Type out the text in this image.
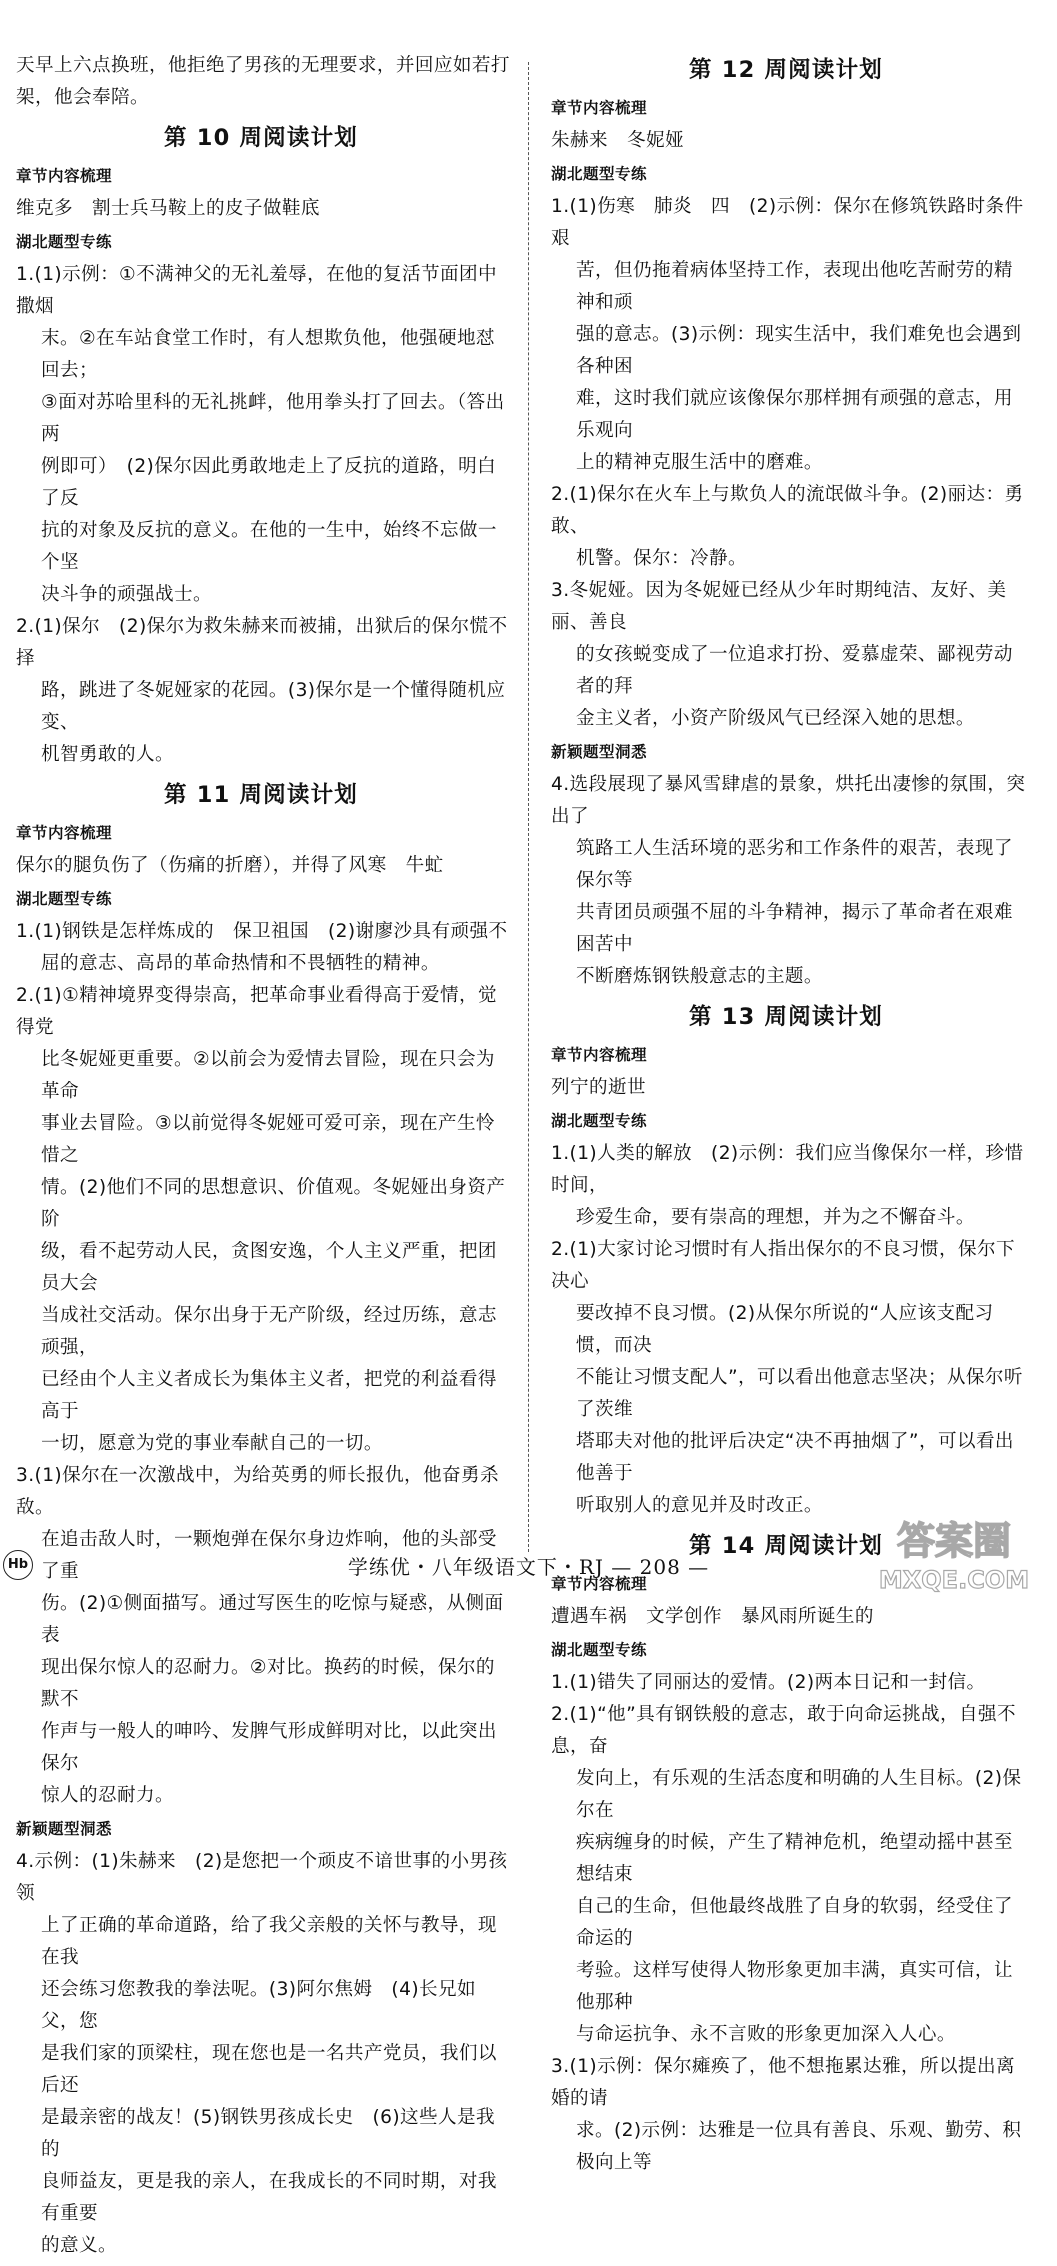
天早上六点换班，他拒绝了男孩的无理要求，并回应如若打

架，他会奉陪。

第 10 周阅读计划
章节内容梳理

维克多　割士兵马鞍上的皮子做鞋底

湖北题型专练

1.(1)示例：①不满神父的无礼羞辱，在他的复活节面团中撒烟

末。②在车站食堂工作时，有人想欺负他，他强硬地怼回去；

③面对苏哈里科的无礼挑衅，他用拳头打了回去。（答出两

例即可）　(2)保尔因此勇敢地走上了反抗的道路，明白了反

抗的对象及反抗的意义。在他的一生中，始终不忘做一个坚

决斗争的顽强战士。

2.(1)保尔　(2)保尔为救朱赫来而被捕，出狱后的保尔慌不择

路，跳进了冬妮娅家的花园。(3)保尔是一个懂得随机应变、

机智勇敢的人。

第 11 周阅读计划
章节内容梳理

保尔的腿负伤了（伤痛的折磨），并得了风寒　牛虻

湖北题型专练

1.(1)钢铁是怎样炼成的　保卫祖国　(2)谢廖沙具有顽强不

屈的意志、高昂的革命热情和不畏牺牲的精神。

2.(1)①精神境界变得崇高，把革命事业看得高于爱情，觉得党

比冬妮娅更重要。②以前会为爱情去冒险，现在只会为革命

事业去冒险。③以前觉得冬妮娅可爱可亲，现在产生怜惜之

情。(2)他们不同的思想意识、价值观。冬妮娅出身资产阶

级，看不起劳动人民，贪图安逸，个人主义严重，把团员大会

当成社交活动。保尔出身于无产阶级，经过历练，意志顽强，

已经由个人主义者成长为集体主义者，把党的利益看得高于

一切，愿意为党的事业奉献自己的一切。

3.(1)保尔在一次激战中，为给英勇的师长报仇，他奋勇杀敌。

在追击敌人时，一颗炮弹在保尔身边炸响，他的头部受了重

伤。(2)①侧面描写。通过写医生的吃惊与疑惑，从侧面表

现出保尔惊人的忍耐力。②对比。换药的时候，保尔的默不

作声与一般人的呻吟、发脾气形成鲜明对比，以此突出保尔

惊人的忍耐力。

新颖题型洞悉

4.示例：(1)朱赫来　(2)是您把一个顽皮不谙世事的小男孩领

上了正确的革命道路，给了我父亲般的关怀与教导，现在我

还会练习您教我的拳法呢。(3)阿尔焦姆　(4)长兄如父，您

是我们家的顶梁柱，现在您也是一名共产党员，我们以后还

是最亲密的战友！(5)钢铁男孩成长史　(6)这些人是我的

良师益友，更是我的亲人，在我成长的不同时期，对我有重要

的意义。

第 12 周阅读计划
章节内容梳理

朱赫来　冬妮娅

湖北题型专练

1.(1)伤寒　肺炎　四　(2)示例：保尔在修筑铁路时条件艰

苦，但仍拖着病体坚持工作，表现出他吃苦耐劳的精神和顽

强的意志。(3)示例：现实生活中，我们难免也会遇到各种困

难，这时我们就应该像保尔那样拥有顽强的意志，用乐观向

上的精神克服生活中的磨难。

2.(1)保尔在火车上与欺负人的流氓做斗争。(2)丽达：勇敢、

机警。保尔：冷静。

3.冬妮娅。因为冬妮娅已经从少年时期纯洁、友好、美丽、善良

的女孩蜕变成了一位追求打扮、爱慕虚荣、鄙视劳动者的拜

金主义者，小资产阶级风气已经深入她的思想。

新颖题型洞悉

4.选段展现了暴风雪肆虐的景象，烘托出凄惨的氛围，突出了

筑路工人生活环境的恶劣和工作条件的艰苦，表现了保尔等

共青团员顽强不屈的斗争精神，揭示了革命者在艰难困苦中

不断磨炼钢铁般意志的主题。

第 13 周阅读计划
章节内容梳理

列宁的逝世

湖北题型专练

1.(1)人类的解放　(2)示例：我们应当像保尔一样，珍惜时间，

珍爱生命，要有崇高的理想，并为之不懈奋斗。

2.(1)大家讨论习惯时有人指出保尔的不良习惯，保尔下决心

要改掉不良习惯。(2)从保尔所说的“人应该支配习惯，而决

不能让习惯支配人”，可以看出他意志坚决；从保尔听了茨维

塔耶夫对他的批评后决定“决不再抽烟了”，可以看出他善于

听取别人的意见并及时改正。

第 14 周阅读计划
章节内容梳理

遭遇车祸　文学创作　暴风雨所诞生的

湖北题型专练

1.(1)错失了同丽达的爱情。(2)两本日记和一封信。

2.(1)“他”具有钢铁般的意志，敢于向命运挑战，自强不息，奋

发向上，有乐观的生活态度和明确的人生目标。(2)保尔在

疾病缠身的时候，产生了精神危机，绝望动摇中甚至想结束

自己的生命，但他最终战胜了自身的软弱，经受住了命运的

考验。这样写使得人物形象更加丰满，真实可信，让他那种

与命运抗争、永不言败的形象更加深入人心。

3.(1)示例：保尔瘫痪了，他不想拖累达雅，所以提出离婚的请

求。(2)示例：达雅是一位具有善良、乐观、勤劳、积极向上等

Hb	学练优・八年级语文下・RJ — 208 —
答案圈
MXQE.COM
